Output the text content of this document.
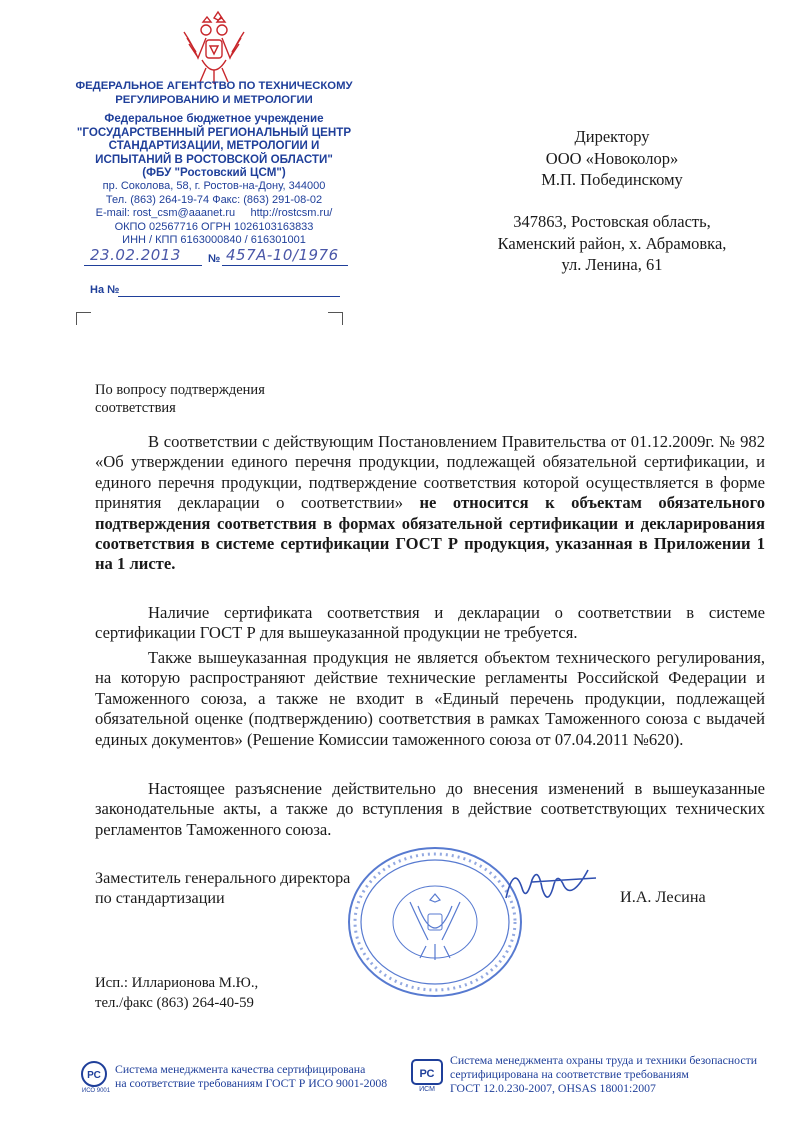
ФЕДЕРАЛЬНОЕ АГЕНТСТВО ПО ТЕХНИЧЕСКОМУ
РЕГУЛИРОВАНИЮ И МЕТРОЛОГИИ
Федеральное бюджетное учреждение
"ГОСУДАРСТВЕННЫЙ РЕГИОНАЛЬНЫЙ ЦЕНТР
СТАНДАРТИЗАЦИИ, МЕТРОЛОГИИ И
ИСПЫТАНИЙ В РОСТОВСКОЙ ОБЛАСТИ"
(ФБУ "Ростовский ЦСМ")
пр. Соколова, 58, г. Ростов-на-Дону, 344000
Тел. (863) 264-19-74 Факс: (863) 291-08-02
E-mail: rost_csm@aaanet.ru http://rostcsm.ru/
ОКПО 02567716 ОГРН 1026103163833
ИНН / КПП 6163000840 / 616301001
23.02.2013 № 457А-10/1976
На №
Директору
ООО «Новоколор»
М.П. Побединскому
347863, Ростовская область,
Каменский район, х. Абрамовка,
ул. Ленина, 61
По вопросу подтверждения
соответствия

В соответствии с действующим Постановлением Правительства от 01.12.2009г. № 982 «Об утверждении единого перечня продукции, подлежащей обязательной сертификации, и единого перечня продукции, подтверждение соответствия которой осуществляется в форме принятия декларации о соответствии» не относится к объектам обязательного подтверждения соответствия в формах обязательной сертификации и декларирования соответствия в системе сертификации ГОСТ Р продукция, указанная в Приложении 1 на 1 листе.

Наличие сертификата соответствия и декларации о соответствии в системе сертификации ГОСТ Р для вышеуказанной продукции не требуется.

Также вышеуказанная продукция не является объектом технического регулирования, на которую распространяют действие технические регламенты Российской Федерации и Таможенного союза, а также не входит в «Единый перечень продукции, подлежащей обязательной оценке (подтверждению) соответствия в рамках Таможенного союза с выдачей единых документов» (Решение Комиссии таможенного союза от 07.04.2011 №620).

Настоящее разъяснение действительно до внесения изменений в вышеуказанные законодательные акты, а также до вступления в действие соответствующих технических регламентов Таможенного союза.

Заместитель генерального директора
по стандартизации	И.А. Лесина
Исп.: Илларионова М.Ю.,
тел./факс (863) 264-40-59
РС
ИСО 9001
Система менеджмента качества сертифицирована
на соответствие требованиям ГОСТ Р ИСО 9001-2008
РС
ИСМ
Система менеджмента охраны труда и техники безопасности
сертифицирована на соответствие требованиям
ГОСТ 12.0.230-2007, OHSAS 18001:2007
